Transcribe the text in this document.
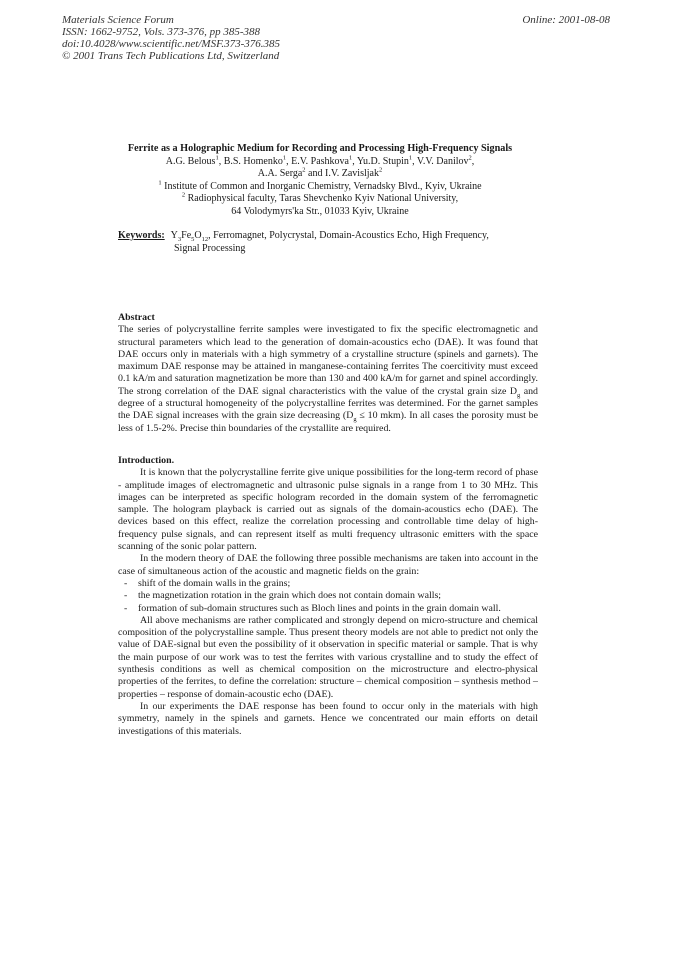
Materials Science Forum
ISSN: 1662-9752, Vols. 373-376, pp 385-388
doi:10.4028/www.scientific.net/MSF.373-376.385
© 2001 Trans Tech Publications Ltd, Switzerland
Online: 2001-08-08
Ferrite as a Holographic Medium for Recording and Processing High-Frequency Signals
A.G. Belous$^1$, B.S. Homenko$^1$, E.V. Pashkova$^1$, Yu.D. Stupin$^1$, V.V. Danilov$^2$,
A.A. Serga$^2$ and I.V. Zavisljak$^2$
$^1$ Institute of Common and Inorganic Chemistry, Vernadsky Blvd., Kyiv, Ukraine
$^2$ Radiophysical faculty, Taras Shevchenko Kyiv National University,
64 Volodymyrs'ka Str., 01033 Kyiv, Ukraine
Keywords: $Y_3Fe_5O_{12}$, Ferromagnet, Polycrystal, Domain-Acoustics Echo, High Frequency,
Signal Processing
Abstract

The series of polycrystalline ferrite samples were investigated to fix the specific electromagnetic and structural parameters which lead to the generation of domain-acoustics echo (DAE). It was found that DAE occurs only in materials with a high symmetry of a crystalline structure (spinels and garnets). The maximum DAE response may be attained in manganese-containing ferrites The coercitivity must exceed 0.1 kA/m and saturation magnetization be more than 130 and 400 kA/m for garnet and spinel accordingly. The strong correlation of the DAE signal characteristics with the value of the crystal grain size $D_g$ and degree of a structural homogeneity of the polycrystalline ferrites was determined. For the garnet samples the DAE signal increases with the grain size decreasing ($D_g \le 10$ mkm). In all cases the porosity must be less of 1.5-2%. Precise thin boundaries of the crystallite are required.

Introduction.

It is known that the polycrystalline ferrite give unique possibilities for the long-term record of phase - amplitude images of electromagnetic and ultrasonic pulse signals in a range from 1 to 30 MHz. This images can be interpreted as specific hologram recorded in the domain system of the ferromagnetic sample. The hologram playback is carried out as signals of the domain-acoustics echo (DAE). The devices based on this effect, realize the correlation processing and controllable time delay of high-frequency pulse signals, and can represent itself as multi frequency ultrasonic emitters with the space scanning of the sonic polar pattern.

In the modern theory of DAE the following three possible mechanisms are taken into account in the case of simultaneous action of the acoustic and magnetic fields on the grain:

- shift of the domain walls in the grains;
- the magnetization rotation in the grain which does not contain domain walls;
- formation of sub-domain structures such as Bloch lines and points in the grain domain wall.

All above mechanisms are rather complicated and strongly depend on micro-structure and chemical composition of the polycrystalline sample. Thus present theory models are not able to predict not only the value of DAE-signal but even the possibility of it observation in specific material or sample. That is why the main purpose of our work was to test the ferrites with various crystalline and to study the effect of synthesis conditions as well as chemical composition on the microstructure and electro-physical properties of the ferrites, to define the correlation: structure – chemical composition – synthesis method – properties – response of domain-acoustic echo (DAE).

In our experiments the DAE response has been found to occur only in the materials with high symmetry, namely in the spinels and garnets. Hence we concentrated our main efforts on detail investigations of this materials.
